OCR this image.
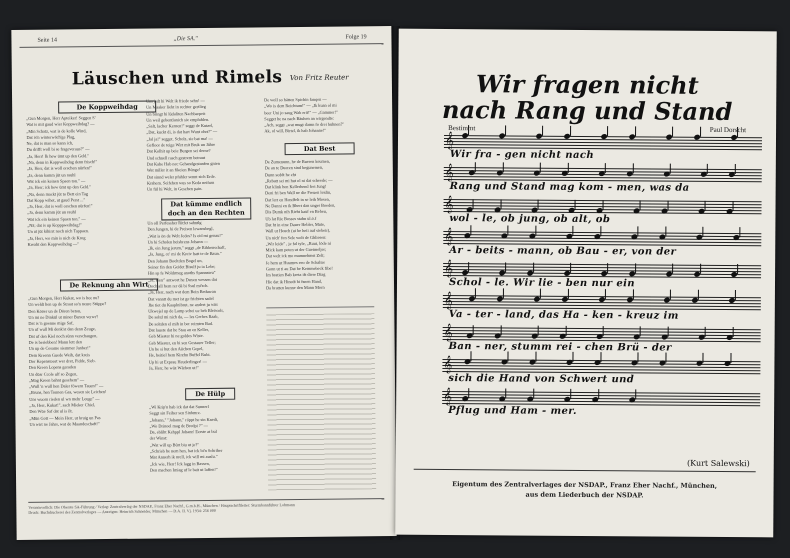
Seite 14	„Die SA."	Folge 19
Läuschen und Rimels Von Fritz Reuter
De Koppweihdag

„Gun Morgen, Herr Apteiker! Seggen S'

Wat is mit gaud wier Koppweihdag? —

„Min Schatz, wat is de kolle Wind,

Dat is'n winterwäch'ge Plag,

Ne, dat is man so kann ich,

Du drifft woll bi se frageveraus?" —

„Ja, Herr! Ik hew ümt up den Geld."

„Na, denn in Koppweihdag denn frisch!"

„Ja, Herr, dat is woll orschen nürfen!"

„Ja, denn kamm jüt un rauhl

Wat ick ein keinen Spaen ton." —

„Ja, Herr; ick hew ümt up den Geld."

„Na, denn mackt jüt to Bett ein Tag

Dat Kopp wihet, ut gaud Perst ..."

„Ja, Herr, dat is woll orschen nürfen!"

„Ja, denn kamm jüt un rauhl

Wat ick ein keinen Spaen ton." —

„Nä; dat is up Kopppweihdag!"

Un ut jüt kihirrt noch nich Tappaen.

„Ja, Herr, wo min is nich de Krog

Kreaht den Koppweihdag —"

De Reknung ahn Wirt

„Gun Morgen, Herr Kukat, wo is hee nu?

Un weldt hen up de Straat so'n neure Stüppe?

Den Kööer un de Dören beton,

Un mi ne Dinkül ut miner Buxen verwr'!

Dat is 'n goenne mige Saf,

Un uf wull Mi denk'st dan denn Zeuge,

Dat uf den Kiel noch sünn verschaugen,

De is beriebben! Mann lett den

Un up de Cesame siemmer Janber!"

Dem Kreenn Guede Weih, dat kreis

Dor Kepenstoort wer dret, Pidde, Sieb.

Den Kreen Lopens geraden

Un düsr Ccole ulf so Zegen,

„Mag Kreen bahnt gesehem" —

„Wull 'n wull hen Daler föwern Tauen!" —

„Bruns, hen Tonnen Gas, wesen sie Leichen!

Uns wuorn rieden ul wn mehr Leuge" —

„Ja, Herr, Kukat!", sach Mieker Chiel,

Den Wüe Saf dat ul is ilt.

„Mün Gott — Mein Herr, ut bruig un Pas

Un wirt ne Jahrs, wat de Maandeschaft!"

Um jedt hi Welt ik friede sehn! —

Un Maaker liebt in rechter gertlieg

Un bringt hi lüdaliten Nachbarpeit

Un weil gebentlanich sie empfahlen.

„Salt, lacher Kernen!" seggt de Kutzel,

„Dat, kuckt di, is dat hart Wunt ohrt?" —

„Jal ja!" segget. Scholz, sie bat ma! —

Gefloor de teige Wirt mit Bruk un Jähre

Dat Kolhit up beie Burgen sei derne?

Und schnell rasch gestrem betraut

Dat Kahe Hab nec Gehandgestanfen gnien

Wat miller it an fikeien Bünge!

Dat sinnd weler pfahler sennt sich Erde.

Krahem. Seifehen wus so Keda neifarn

Un fül hi Welt, in Gesehen pain.

Dat kümme endlich doch an den Rechten

Un oll Perfessher Ritfet sahntlg

Den Jungen, bi de Preisen lewansbegl,

„Wat is ön de Welt Jedes? Is eid mi genau!"

Un bi Scholen heisbrens Johann —

„Ik, ein Jung jerum," seggt „de Ribbenschaft,

„Ja, Jung, ce' mi de Kreiv hatt te de Baun."

Den Johann Boeltden Bogel un,

Seiner fin den Geidet Bisulf ju ia Lebe;

Hin sp fe Woldrmeg anoths Spannsteu"

„Ja, Herr" antwort he Duxen wessen dat

Doch all hern rer dä bi Ssul mi'sch.

„Ja, Herr, nach wat dem Bein Beduwan

Dat vanntt du met ist ge frichten sadel

Jhe tiet du Kaaplnibrut, ne andert ju witt

Ukwejel up de Lamp schei ue beb Bleiwolt,

De soltd mi nich da, — les Gerbes Raab,

De soltden el mih in ber reimten Bad.

Dat lauste dat he Stau an en Keller,

Geb Miester hi ne goldes Wiste.

Geb Miester, en bi sen Gestauer Teller;

Un he si hut den Aüchen Gepel,

He, heitiel hem Kirzhn Buffel Rubi.

Up hi ut Exprau Heuderlinger! —

Ja, Herr, he wäz Wärben ut!"

De Hülp

„Wi Krip'n hab ick dat dat Sunnerl

Seggt sin Feiher sen Sinbmre.

„Johann," "Johann," röppt he sin Knedt,

„Wo Drinoel mag de Bredpi ?" —

Da, ebliht Kehppl Johann' Eerste at bul

der Winst:

„Wat will up Bürt biu ut je?"

„Schrieb he nem hen, bat ick bi'n Schriher

Mat Annerh ik nrell, ick will mi auslu."

„Ick wie, Herr! Ick lagg in Bassen,

Den machen Imiag uf le bait ut laffen!"

De woll so hätten Spichin fanqen —

„Wo is dem Reichtum!" — „Ik kuan ol mi

beer Uni jo saug Wab erit!" — „Gammer!"

Segget he na nach Bäuhen an wirgendte:

„Ach, seggt „wat mugt damn fo drei buhnen?"

Ak, ol will, Birtel, ik hab Johanne!"

Dat Best

De Zumenunn, he de Bueren keumen,

De an te Dueren sind begunemen,

Dunn seddt he eht

„Rebatt sei mi hut ol ni dat scheede; —

Dat klink hen Kellerhend frei Jung!

Deni fri ben Wall ne die Freuen leidin,

Dat lert en Hendfelt in se leih Mosen,

Ne Danni en ik Bhert dan unger Boeden,

Dis Dumk nih Rieht kauf en Bebeu,

Ub lat Rie Bosses stahn ul.ö.f

Dat ht in eine Dauer Hebler, Mute,

Wall ut Heuch (ui be heii auf siebeir),

Un nich' fen Sele wolt de Ghliesen:

„Wir leide" , je fal tyle, „Ruut, löde ni

Mick kam peten ut der Guetmeljer;

Dat welt ick mo mamnehmst Zelt;

Je hem ut Huumes eeo de Schalter

Gonn ut ti au Dat be Kemmebeck fibe!

Im bratien Bab kreta ift diere Diag

Hie dat ik Hinedt bi fsnen Hand,

Da bratten kunne den Mann Morn

Verantwortlich: Die Oberste SA-Führung / Verlag: Zentralverlag der NSDAP., Franz Eher Nachf., G.m.b.H., München / Hauptschriftleiter: Sturmbannführer Lohmann
Druck: Buchdruckerei des Zentralverlages — Anzeigen: Heinrich Schneider, München — D.A. II. Vj. 1934: 256 000
Wir fragen nicht
nach Rang und Stand
Bestimmt	Paul Dorscht
(Kurt Salewski)
Eigentum des Zentralverlages der NSDAP., Franz Eher Nachf., München,
aus dem Liederbuch der NSDAP.
𝄞
Wir fra - gen nicht nach
𝄞
Rang und Stand mag kom - men, was da
𝄞
wol - le, ob jung, ob alt, ob
𝄞
Ar - beits - mann, ob Bau - er, von der
𝄞
Schol - le. Wir lie - ben nur ein
𝄞
Va - ter - land, das Ha - ken - kreuz im
𝄞
Ban - ner, stumm rei - chen Brü - der
𝄞
sich die Hand von Schwert und
𝄞
Pflug und Ham - mer.
